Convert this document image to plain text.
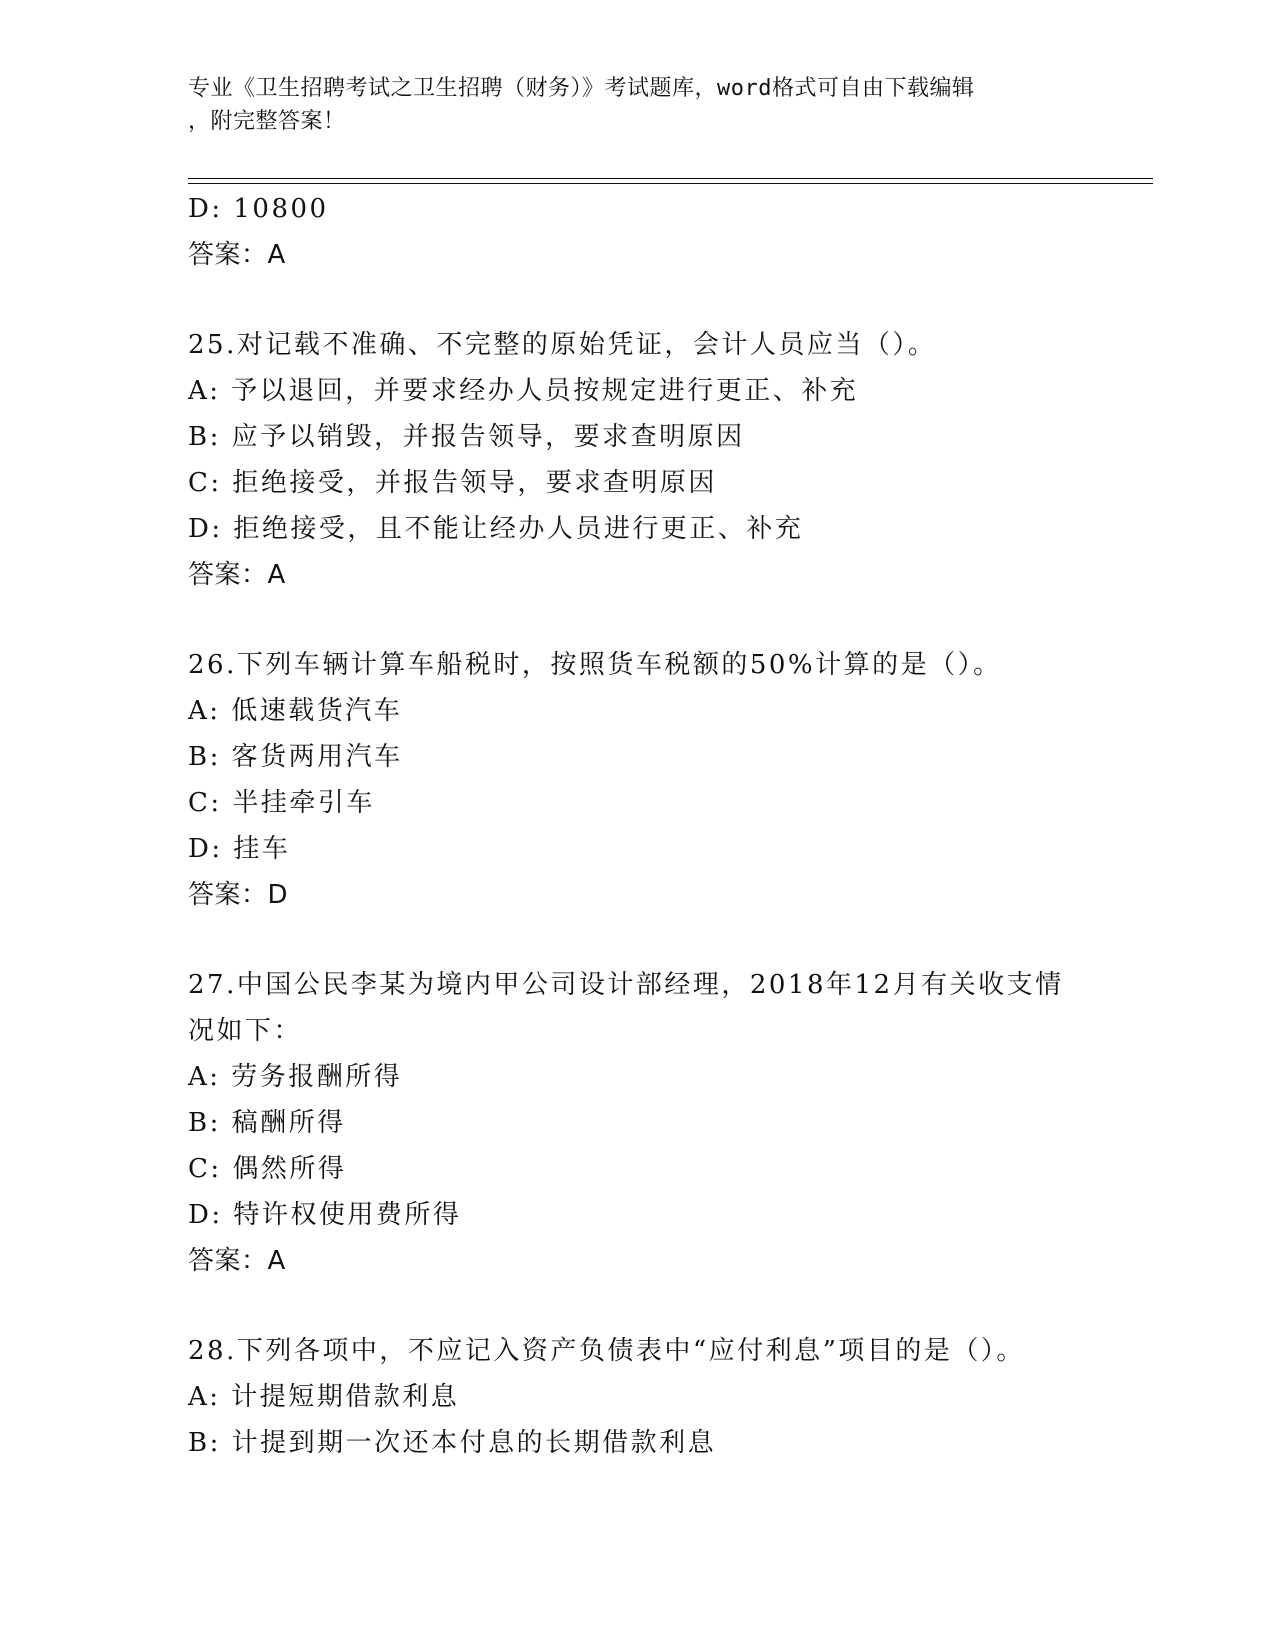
专业《卫生招聘考试之卫生招聘（财务）》考试题库，word格式可自由下载编辑
，附完整答案！
D: 10800
答案：A
25.对记载不准确、不完整的原始凭证，会计人员应当（）。
A: 予以退回，并要求经办人员按规定进行更正、补充
B: 应予以销毁，并报告领导，要求查明原因
C: 拒绝接受，并报告领导，要求查明原因
D: 拒绝接受，且不能让经办人员进行更正、补充
答案：A
26.下列车辆计算车船税时，按照货车税额的50%计算的是（）。
A: 低速载货汽车
B: 客货两用汽车
C: 半挂牵引车
D: 挂车
答案：D
27.中国公民李某为境内甲公司设计部经理，2018年12月有关收支情
况如下：
A: 劳务报酬所得
B: 稿酬所得
C: 偶然所得
D: 特许权使用费所得
答案：A
28.下列各项中，不应记入资产负债表中“应付利息”项目的是（）。
A: 计提短期借款利息
B: 计提到期一次还本付息的长期借款利息
